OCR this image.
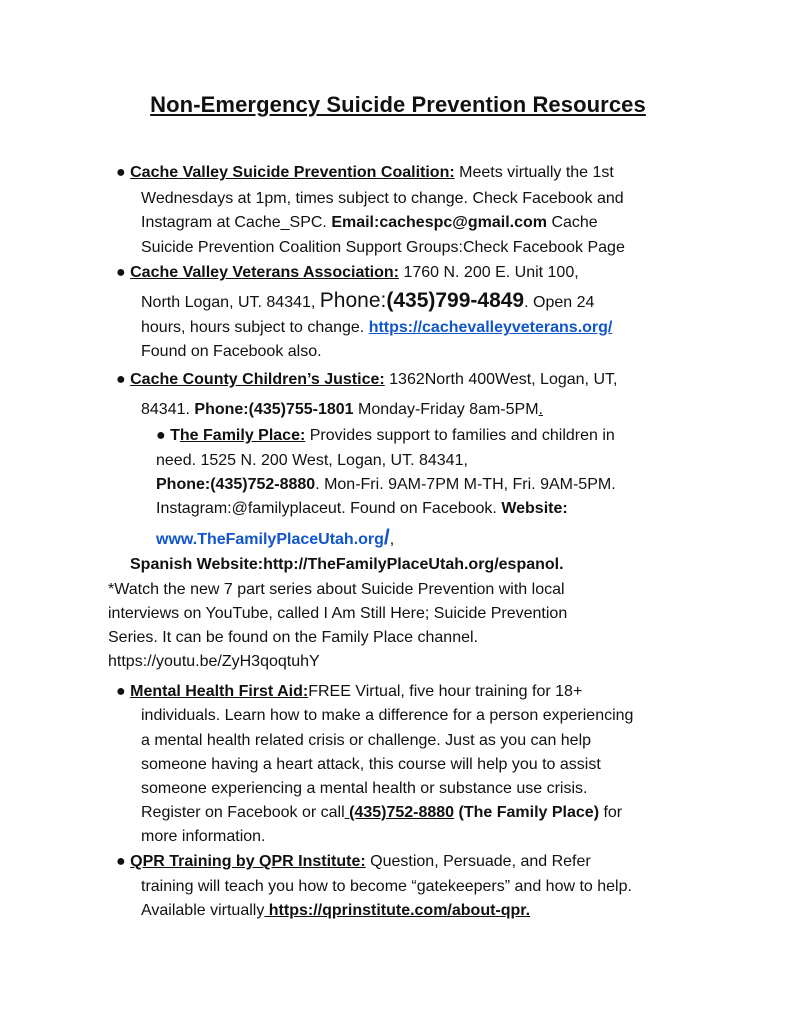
Non-Emergency Suicide Prevention Resources
● Cache Valley Suicide Prevention Coalition: Meets virtually the 1st
Wednesdays at 1pm, times subject to change. Check Facebook and
Instagram at Cache_SPC. Email:cachespc@gmail.com Cache
Suicide Prevention Coalition Support Groups:Check Facebook Page
● Cache Valley Veterans Association: 1760 N. 200 E. Unit 100,
North Logan, UT. 84341, Phone:(435)799-4849. Open 24
hours, hours subject to change. https://cachevalleyveterans.org/
Found on Facebook also.
● Cache County Children’s Justice: 1362North 400West, Logan, UT,
84341. Phone:(435)755-1801 Monday-Friday 8am-5PM.
● The Family Place: Provides support to families and children in
need. 1525 N. 200 West, Logan, UT. 84341,
Phone:(435)752-8880. Mon-Fri. 9AM-7PM M-TH, Fri. 9AM-5PM.
Instagram:@familyplaceut. Found on Facebook. Website:
www.TheFamilyPlaceUtah.org/,
Spanish Website:http://TheFamilyPlaceUtah.org/espanol.
*Watch the new 7 part series about Suicide Prevention with local
interviews on YouTube, called I Am Still Here; Suicide Prevention
Series. It can be found on the Family Place channel.
https://youtu.be/ZyH3qoqtuhY
● Mental Health First Aid:FREE Virtual, five hour training for 18+
individuals. Learn how to make a difference for a person experiencing
a mental health related crisis or challenge. Just as you can help
someone having a heart attack, this course will help you to assist
someone experiencing a mental health or substance use crisis.
Register on Facebook or call (435)752-8880 (The Family Place) for
more information.
● QPR Training by QPR Institute: Question, Persuade, and Refer
training will teach you how to become “gatekeepers” and how to help.
Available virtually https://qprinstitute.com/about-qpr.
